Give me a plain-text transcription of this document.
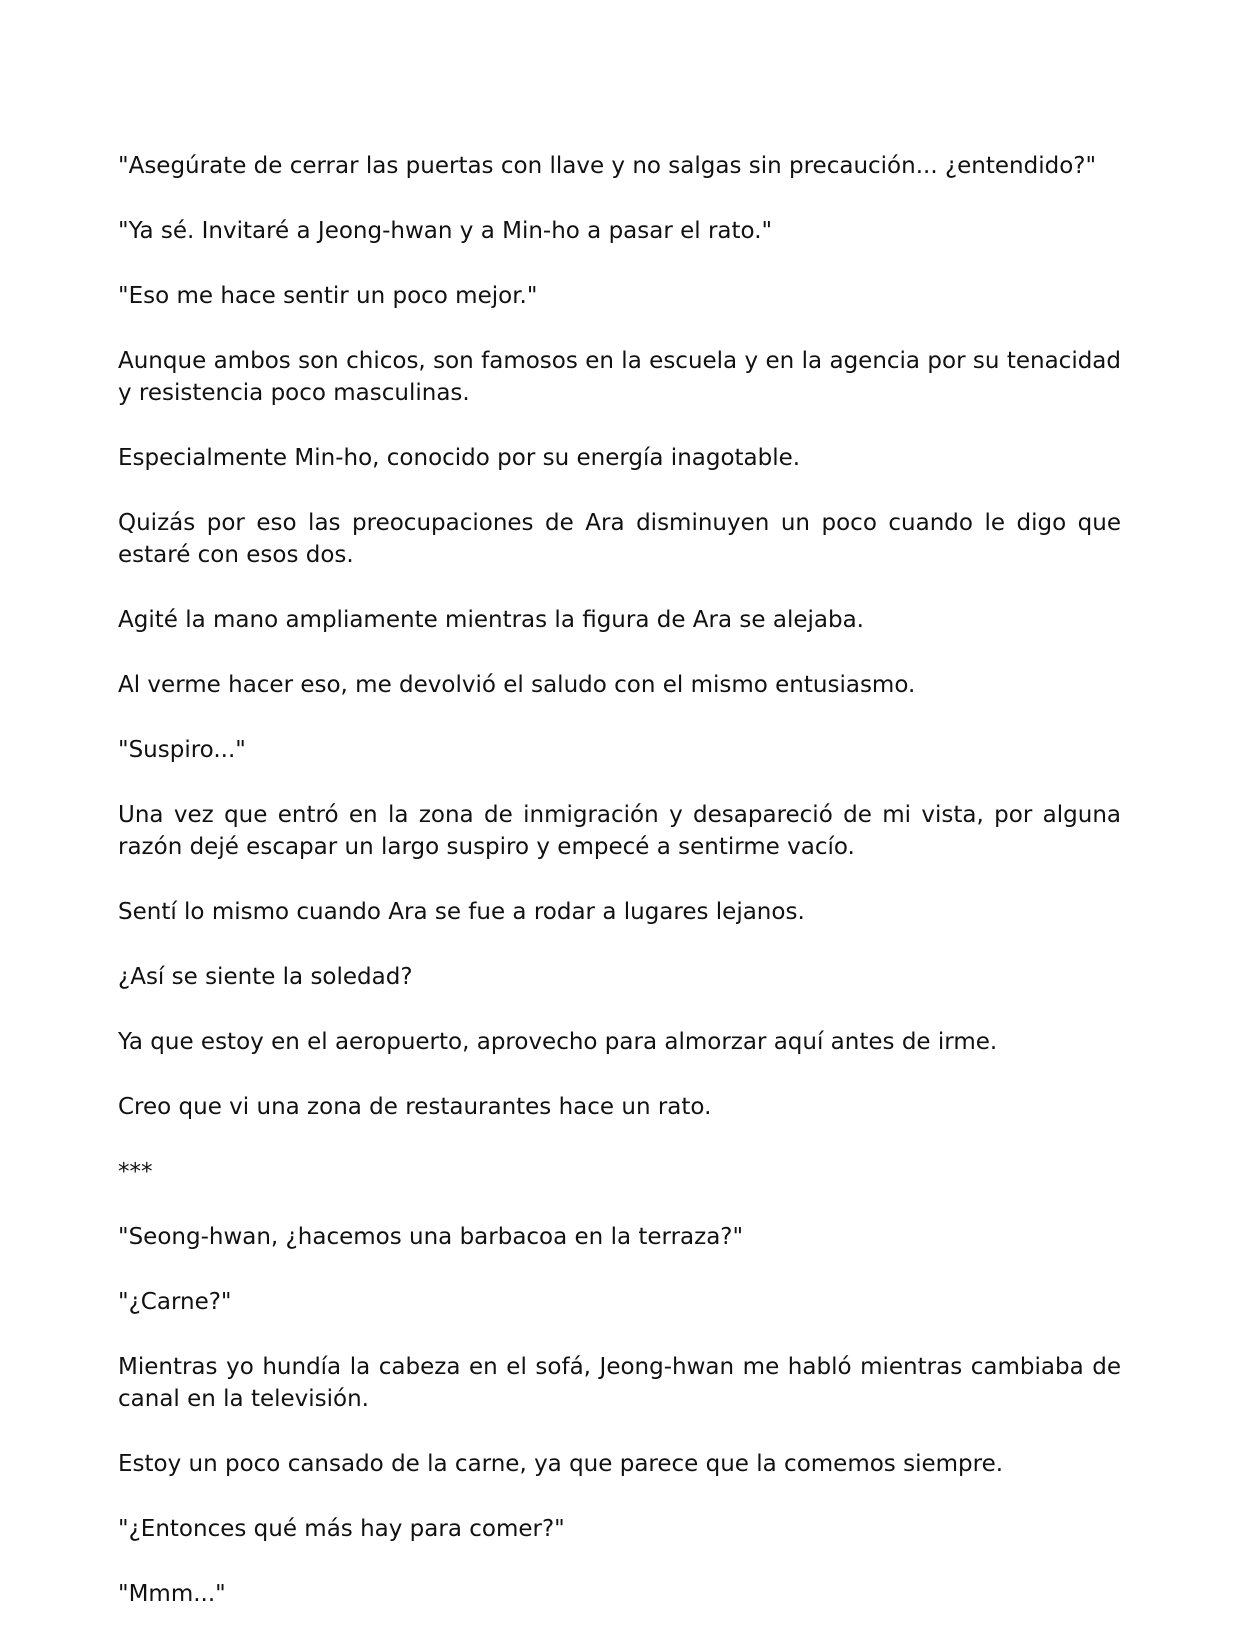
"Asegúrate de cerrar las puertas con llave y no salgas sin precaución... ¿entendido?"

"Ya sé. Invitaré a Jeong-hwan y a Min-ho a pasar el rato."

"Eso me hace sentir un poco mejor."

Aunque ambos son chicos, son famosos en la escuela y en la agencia por su tenacidad y resistencia poco masculinas.

Especialmente Min-ho, conocido por su energía inagotable.

Quizás por eso las preocupaciones de Ara disminuyen un poco cuando le digo que estaré con esos dos.

Agité la mano ampliamente mientras la figura de Ara se alejaba.

Al verme hacer eso, me devolvió el saludo con el mismo entusiasmo.

"Suspiro..."

Una vez que entró en la zona de inmigración y desapareció de mi vista, por alguna razón dejé escapar un largo suspiro y empecé a sentirme vacío.

Sentí lo mismo cuando Ara se fue a rodar a lugares lejanos.

¿Así se siente la soledad?

Ya que estoy en el aeropuerto, aprovecho para almorzar aquí antes de irme.

Creo que vi una zona de restaurantes hace un rato.

***

"Seong-hwan, ¿hacemos una barbacoa en la terraza?"

"¿Carne?"

Mientras yo hundía la cabeza en el sofá, Jeong-hwan me habló mientras cambiaba de canal en la televisión.

Estoy un poco cansado de la carne, ya que parece que la comemos siempre.

"¿Entonces qué más hay para comer?"

"Mmm..."
